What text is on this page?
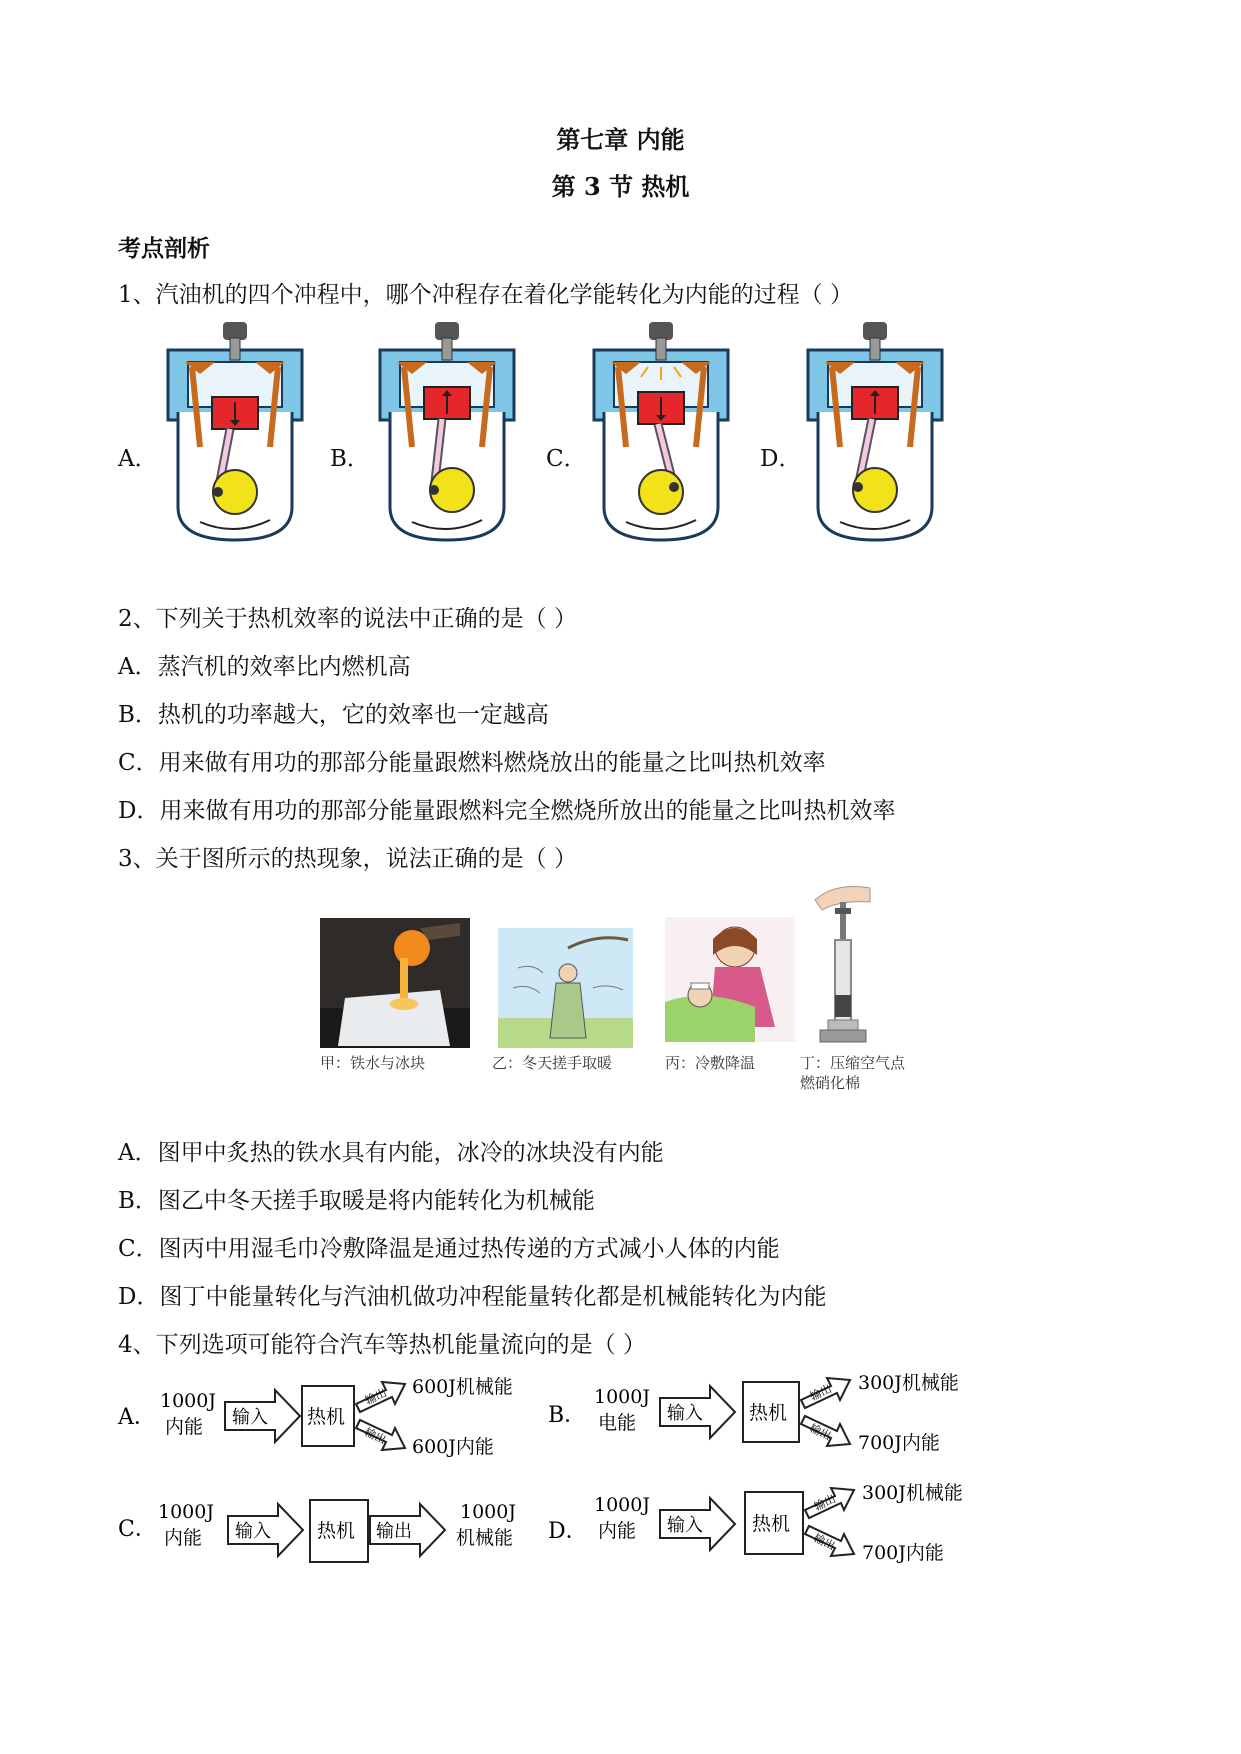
第七章 内能
第 3 节 热机
考点剖析
1、汽油机的四个冲程中，哪个冲程存在着化学能转化为内能的过程（ ）
A．	B．	C．	D．
2、下列关于热机效率的说法中正确的是（ ）
A．蒸汽机的效率比内燃机高
B．热机的功率越大，它的效率也一定越高
C．用来做有用功的那部分能量跟燃料燃烧放出的能量之比叫热机效率
D．用来做有用功的那部分能量跟燃料完全燃烧所放出的能量之比叫热机效率
3、关于图所示的热现象，说法正确的是（ ）
甲：铁水与冰块	乙：冬天搓手取暖	丙：冷敷降温	丁：压缩空气点
燃硝化棉
A．图甲中炙热的铁水具有内能，冰冷的冰块没有内能
B．图乙中冬天搓手取暖是将内能转化为机械能
C．图丙中用湿毛巾冷敷降温是通过热传递的方式减小人体的内能
D．图丁中能量转化与汽油机做功冲程能量转化都是机械能转化为内能
4、下列选项可能符合汽车等热机能量流向的是（ ）
A．
1000J
内能 输入 热机
输出
输出
600J机械能
600J内能
B．
1000J
电能 输入 热机
输出
输出
300J机械能
700J内能
C．
1000J
内能 输入 热机 输出
1000J
机械能 D．
1000J
内能 输入	热机
输出
输出
300J机械能
700J内能
